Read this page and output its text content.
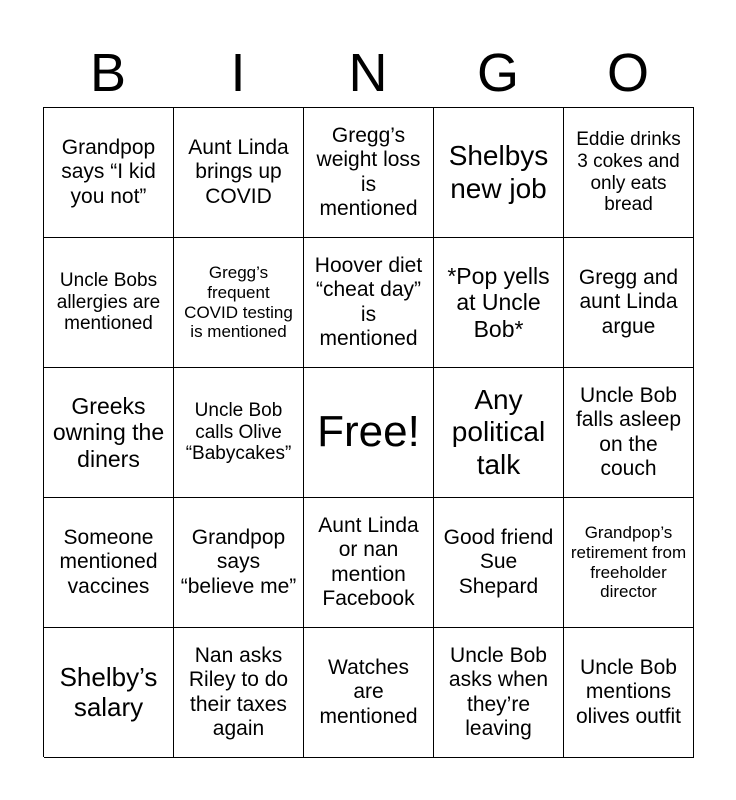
B	I	N	G	O
Grandpop says “I kid you not”
Aunt Linda brings up COVID
Gregg’s weight loss is mentioned
Shelbys new job
Eddie drinks 3 cokes and only eats bread
Uncle Bobs allergies are mentioned
Gregg’s frequent COVID testing is mentioned
Hoover diet “cheat day” is mentioned
*Pop yells at Uncle Bob*
Gregg and aunt Linda argue
Greeks owning the diners
Uncle Bob calls Olive “Babycakes” Free!
Any political talk
Uncle Bob falls asleep on the couch
Someone mentioned vaccines
Grandpop says “believe me”
Aunt Linda or nan mention Facebook
Good friend Sue Shepard
Grandpop’s retirement from freeholder director
Shelby’s salary
Nan asks Riley to do their taxes again
Watches are mentioned
Uncle Bob asks when they’re leaving
Uncle Bob mentions olives outfit
